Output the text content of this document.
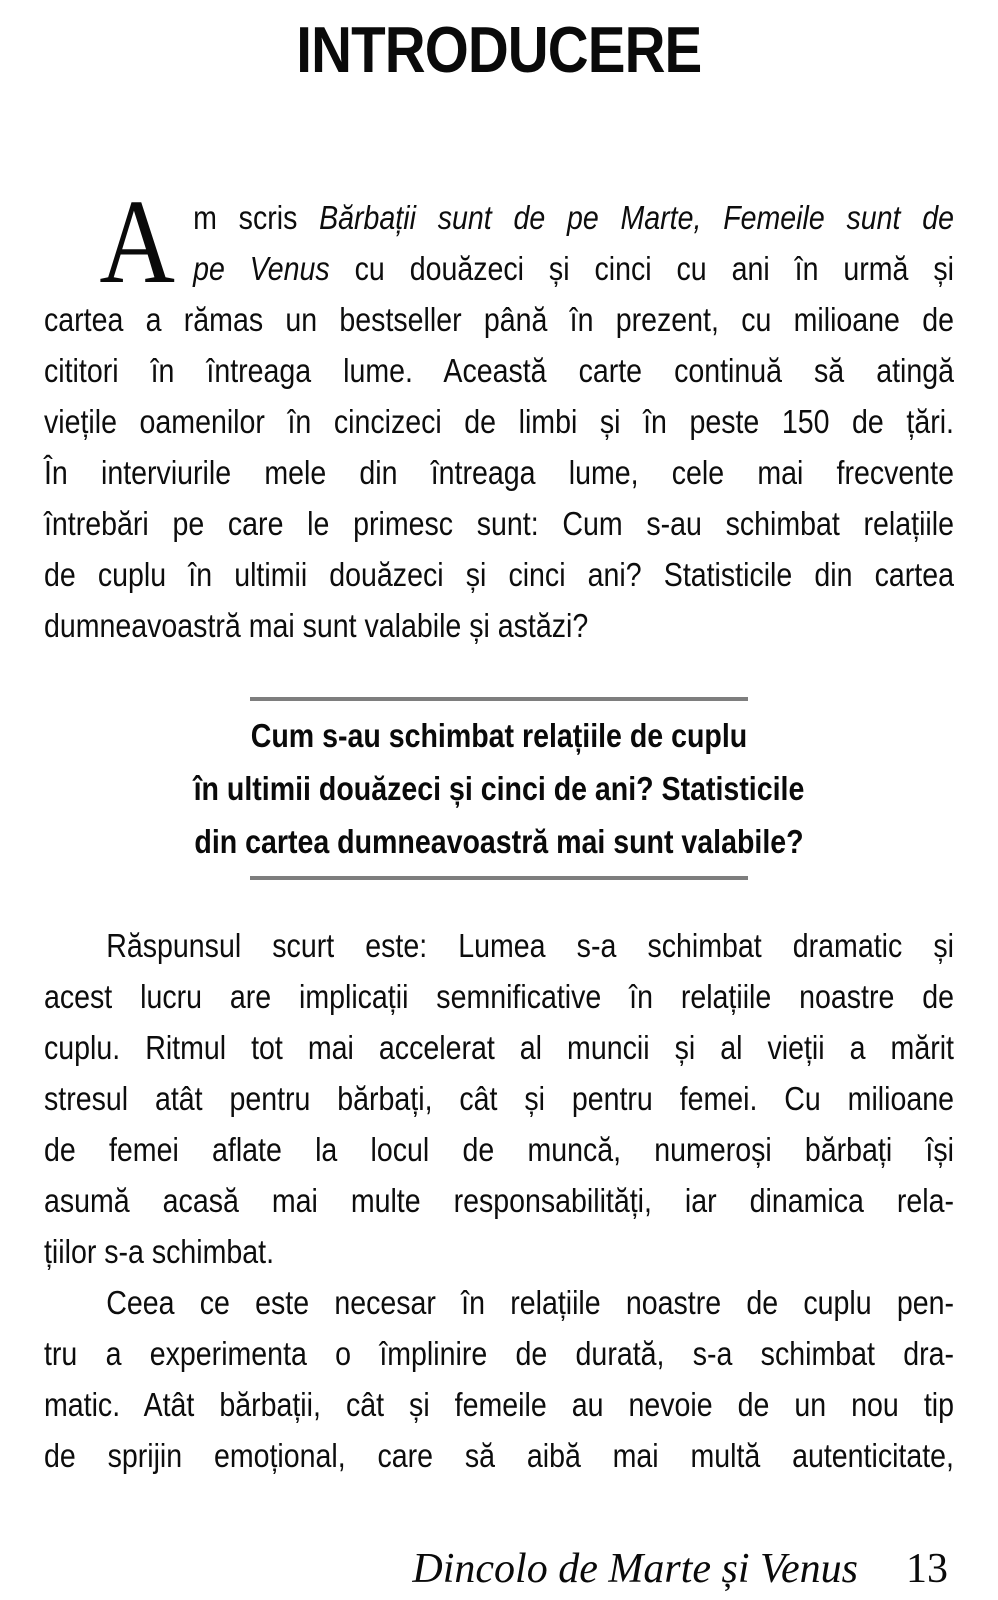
INTRODUCERE
A m scris Bărbații sunt de pe Marte, Femeile sunt de
pe Venus cu douăzeci și cinci cu ani în urmă și
cartea a rămas un bestseller până în prezent, cu milioane de
cititori în întreaga lume. Această carte continuă să atingă
viețile oamenilor în cincizeci de limbi și în peste 150 de țări.
În interviurile mele din întreaga lume, cele mai frecvente
întrebări pe care le primesc sunt: Cum s-au schimbat relațiile
de cuplu în ultimii douăzeci și cinci ani? Statisticile din cartea
dumneavoastră mai sunt valabile și astăzi?
Cum s-au schimbat relațiile de cuplu
în ultimii douăzeci și cinci de ani? Statisticile
din cartea dumneavoastră mai sunt valabile?
Răspunsul scurt este: Lumea s-a schimbat dramatic și
acest lucru are implicații semnificative în relațiile noastre de
cuplu. Ritmul tot mai accelerat al muncii și al vieții a mărit
stresul atât pentru bărbați, cât și pentru femei. Cu milioane
de femei aflate la locul de muncă, numeroși bărbați își
asumă acasă mai multe responsabilități, iar dinamica rela-
țiilor s-a schimbat.
Ceea ce este necesar în relațiile noastre de cuplu pen-
tru a experimenta o împlinire de durată, s-a schimbat dra-
matic. Atât bărbații, cât și femeile au nevoie de un nou tip
de sprijin emoțional, care să aibă mai multă autenticitate,
Dincolo de Marte și Venus 13
